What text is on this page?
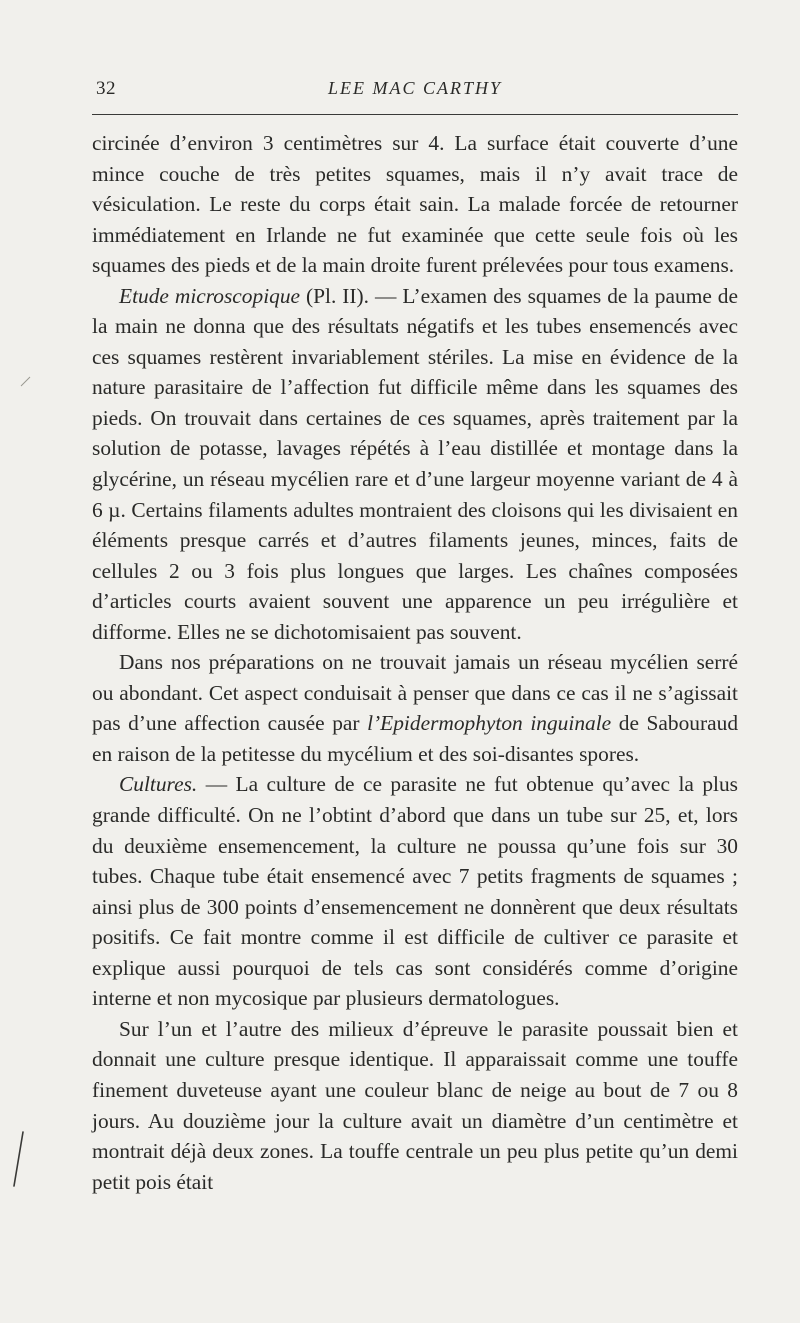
32	LEE MAC CARTHY

circinée d’environ 3 centimètres sur 4. La surface était couverte d’une mince couche de très petites squames, mais il n’y avait trace de vésiculation. Le reste du corps était sain. La malade forcée de retourner immédiatement en Irlande ne fut examinée que cette seule fois où les squames des pieds et de la main droite furent prélevées pour tous examens.

Etude microscopique (Pl. II). — L’examen des squames de la paume de la main ne donna que des résultats négatifs et les tubes ensemencés avec ces squames restèrent invariablement stériles. La mise en évidence de la nature parasitaire de l’affection fut difficile même dans les squames des pieds. On trouvait dans certaines de ces squames, après traitement par la solution de potasse, lavages répétés à l’eau distillée et montage dans la glycérine, un réseau mycélien rare et d’une largeur moyenne variant de 4 à 6 µ. Certains filaments adultes montraient des cloisons qui les divisaient en éléments presque carrés et d’autres filaments jeunes, minces, faits de cellules 2 ou 3 fois plus longues que larges. Les chaînes composées d’articles courts avaient souvent une apparence un peu irrégulière et difforme. Elles ne se dichotomisaient pas souvent.

Dans nos préparations on ne trouvait jamais un réseau mycélien serré ou abondant. Cet aspect conduisait à penser que dans ce cas il ne s’agissait pas d’une affection causée par l’Epidermophyton inguinale de Sabouraud en raison de la petitesse du mycélium et des soi-disantes spores.

Cultures. — La culture de ce parasite ne fut obtenue qu’avec la plus grande difficulté. On ne l’obtint d’abord que dans un tube sur 25, et, lors du deuxième ensemencement, la culture ne poussa qu’une fois sur 30 tubes. Chaque tube était ensemencé avec 7 petits fragments de squames ; ainsi plus de 300 points d’ensemencement ne donnèrent que deux résultats positifs. Ce fait montre comme il est difficile de cultiver ce parasite et explique aussi pourquoi de tels cas sont considérés comme d’origine interne et non mycosique par plusieurs dermatologues.

Sur l’un et l’autre des milieux d’épreuve le parasite poussait bien et donnait une culture presque identique. Il apparaissait comme une touffe finement duveteuse ayant une couleur blanc de neige au bout de 7 ou 8 jours. Au douzième jour la culture avait un diamètre d’un centimètre et montrait déjà deux zones. La touffe centrale un peu plus petite qu’un demi petit pois était
